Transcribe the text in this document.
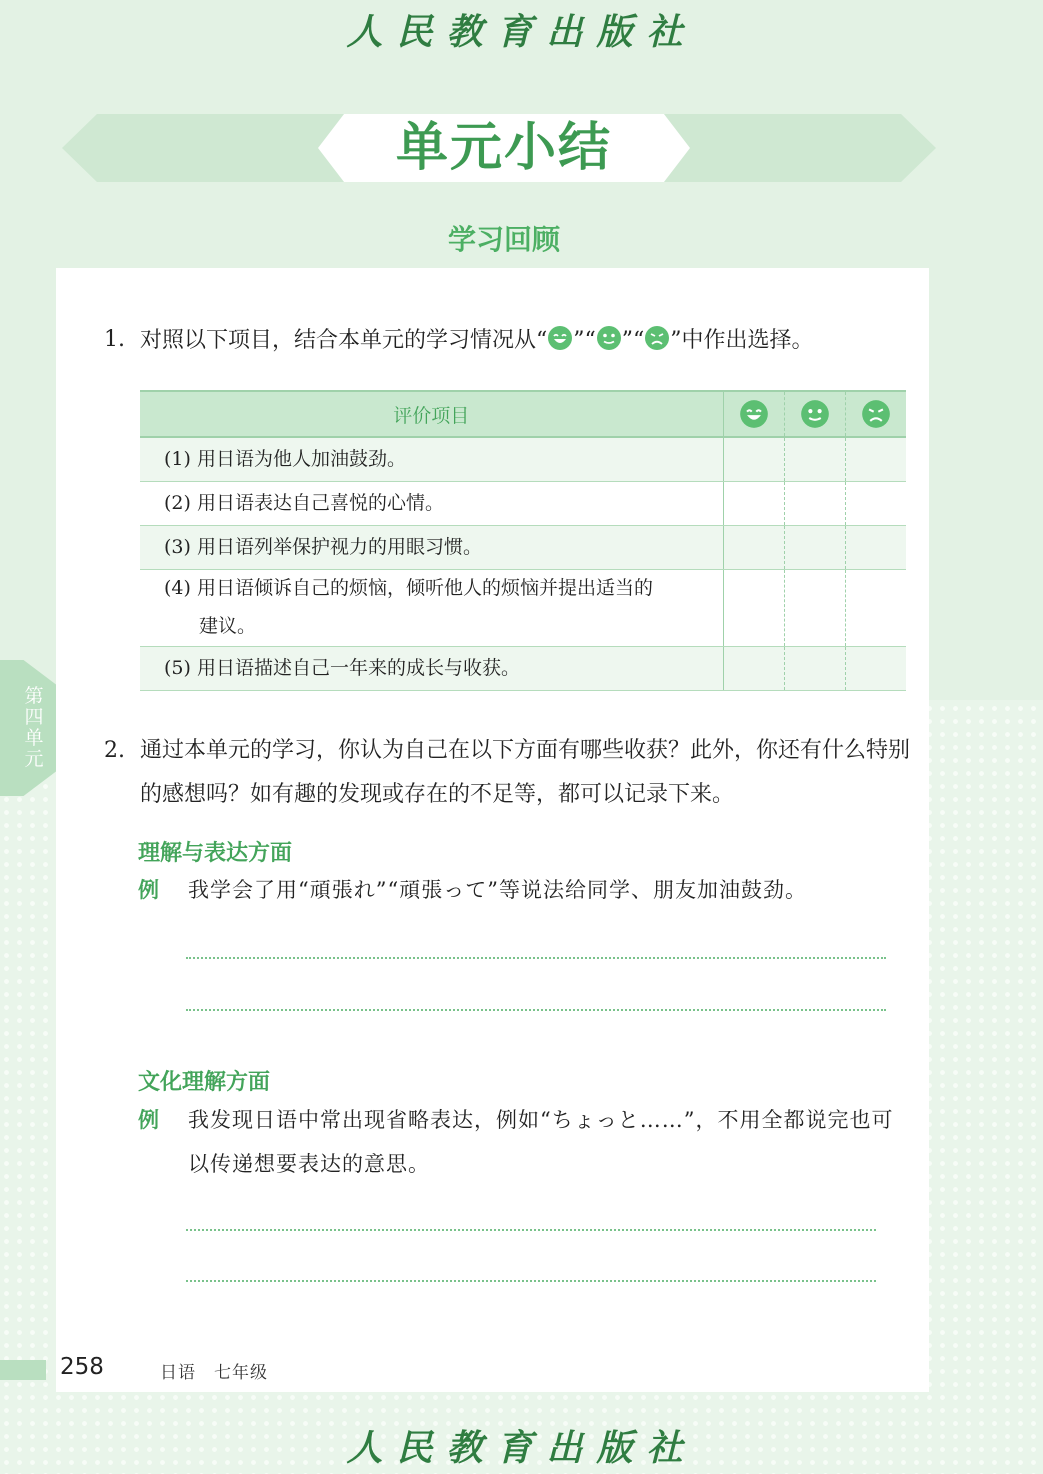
人民教育出版社
单元小结
学习回顾
第四单元
1. 对照以下项目，结合本单元的学习情况从“ ”“ ”“ ”中作出选择。
评价项目			
(1) 用日语为他人加油鼓劲。			
(2) 用日语表达自己喜悦的心情。			
(3) 用日语列举保护视力的用眼习惯。			

(4) 用日语倾诉自己的烦恼，倾听他人的烦恼并提出适当的
建议。			

(5) 用日语描述自己一年来的成长与收获。			
2. 通过本单元的学习，你认为自己在以下方面有哪些收获？此外，你还有什么特别的感想吗？如有趣的发现或存在的不足等，都可以记录下来。
理解与表达方面
例 我学会了用“頑張れ”“頑張って”等说法给同学、朋友加油鼓劲。
文化理解方面
例 我发现日语中常出现省略表达，例如“ちょっと……”，不用全都说完也可以传递想要表达的意思。
258	日语　七年级
人民教育出版社
